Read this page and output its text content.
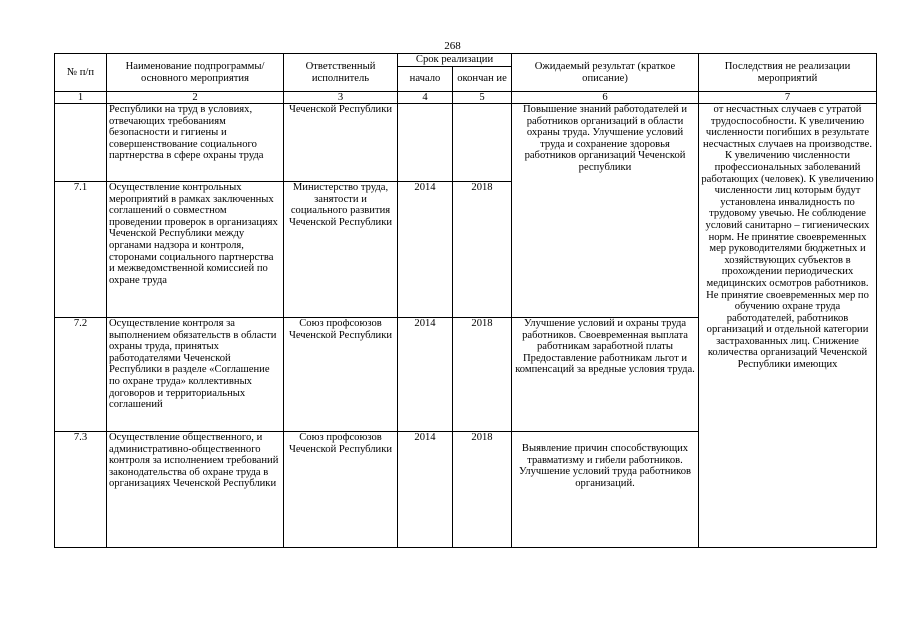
268
№ п/п	Наименование подпрограммы/ основного мероприятия	Ответственный исполнитель	Срок реализации		Ожидаемый результат (краткое описание)	Последствия не реализации мероприятий
			начало	окончан ие		
1	2	3	4	5	6	7
	Республики на труд в условиях, отвечающих требованиям безопасности и гигиены и совершенствование социального партнерства в сфере охраны труда	Чеченской Республики			Повышение знаний работодателей и работников организаций в области охраны труда. Улучшение условий труда и сохранение здоровья работников организаций Чеченской республики	от несчастных случаев с утратой трудоспособности. К увеличению численности погибших в результате несчастных случаев на производстве. К увеличению численности профессиональных заболеваний работающих (человек). К увеличению численности лиц которым будут установлена инвалидность по трудовому увечью. Не соблюдение условий санитарно – гигиенических норм. Не принятие своевременных мер руководителями бюджетных и хозяйствующих субъектов в прохождении периодических медицинских осмотров работников. Не принятие своевременных мер по обучению охране труда работодателей, работников организаций и отдельной категории застрахованных лиц. Снижение количества организаций Чеченской Республики имеющих
7.1	Осуществление контрольных мероприятий в рамках заключенных соглашений о совместном проведении проверок в организациях Чеченской Республики между органами надзора и контроля, сторонами социального партнерства и межведомственной комиссией по охране труда	Министерство труда, занятости и социального развития Чеченской Республики	2014	2018		
7.2	Осуществление контроля за выполнением обязательств в области охраны труда, принятых работодателями Чеченской Республики в разделе «Соглашение по охране труда» коллективных договоров и территориальных соглашений	Союз профсоюзов Чеченской Республики	2014	2018	Улучшение условий и охраны труда работников. Своевременная выплата работникам заработной платы Предоставление работникам льгот и компенсаций за вредные условия труда.	
7.3	Осуществление общественного, и административно-общественного контроля за исполнением требований законодательства об охране труда в организациях Чеченской Республики	Союз профсоюзов Чеченской Республики	2014	2018	Выявление причин способствующих травматизму и гибели работников. Улучшение условий труда работников организаций.	
